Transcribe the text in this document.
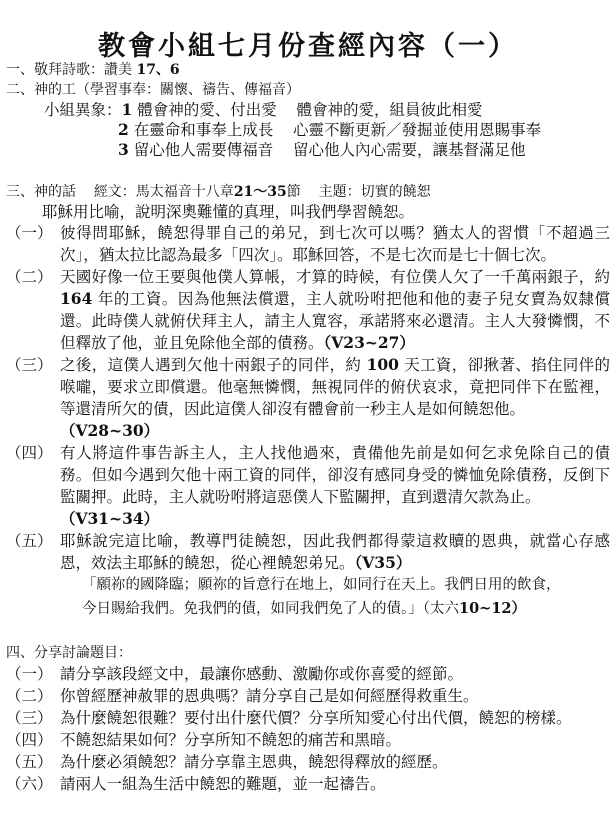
教會小組七月份查經內容（一）
一、敬拜詩歌：讚美 17、6
二、神的工（學習事奉：關懷、禱告、傳福音）
小組異象：1 體會神的愛、付出愛 體會神的愛，組員彼此相愛
2 在靈命和事奉上成長 心靈不斷更新／發掘並使用恩賜事奉
3 留心他人需要傳福音 留心他人內心需要，讓基督滿足他
三、神的話 經文：馬太福音十八章21～35節 主題：切實的饒恕
耶穌用比喻，說明深奧難懂的真理，叫我們學習饒恕。
（一） 彼得問耶穌，饒恕得罪自己的弟兄，到七次可以嗎？猶太人的習慣「不超過三次」，猶太拉比認為最多「四次」。耶穌回答，不是七次而是七十個七次。
（二） 天國好像一位王要與他僕人算帳，才算的時候，有位僕人欠了一千萬兩銀子，約 164 年的工資。因為他無法償還，主人就吩咐把他和他的妻子兒女賣為奴隸償還。此時僕人就俯伏拜主人，請主人寬容，承諾將來必還清。主人大發憐憫，不但釋放了他，並且免除他全部的債務。（V23~27）
（三） 之後，這僕人遇到欠他十兩銀子的同伴，約 100 天工資，卻揪著、掐住同伴的喉嚨，要求立即償還。他毫無憐憫，無視同伴的俯伏哀求，竟把同伴下在監裡，等還清所欠的債，因此這僕人卻沒有體會前一秒主人是如何饒恕他。
（V28~30）
（四） 有人將這件事告訴主人，主人找他過來，責備他先前是如何乞求免除自己的債務。但如今遇到欠他十兩工資的同伴，卻沒有感同身受的憐恤免除債務，反倒下監關押。此時，主人就吩咐將這惡僕人下監關押，直到還清欠款為止。
（V31~34）
（五） 耶穌說完這比喻，教導門徒饒恕，因此我們都得蒙這救贖的恩典，就當心存感恩，效法主耶穌的饒恕，從心裡饒恕弟兄。（V35）
「願祢的國降臨；願祢的旨意行在地上，如同行在天上。我們日用的飲食，
今日賜給我們。免我們的債，如同我們免了人的債。」（太六10~12）
四、分享討論題目：
（一） 請分享該段經文中，最讓你感動、激勵你或你喜愛的經節。
（二） 你曾經歷神赦罪的恩典嗎？請分享自己是如何經歷得救重生。
（三） 為什麼饒恕很難？要付出什麼代價？分享所知愛心付出代價，饒恕的榜樣。
（四） 不饒恕結果如何？分享所知不饒恕的痛苦和黑暗。
（五） 為什麼必須饒恕？請分享靠主恩典，饒恕得釋放的經歷。
（六） 請兩人一組為生活中饒恕的難題，並一起禱告。
